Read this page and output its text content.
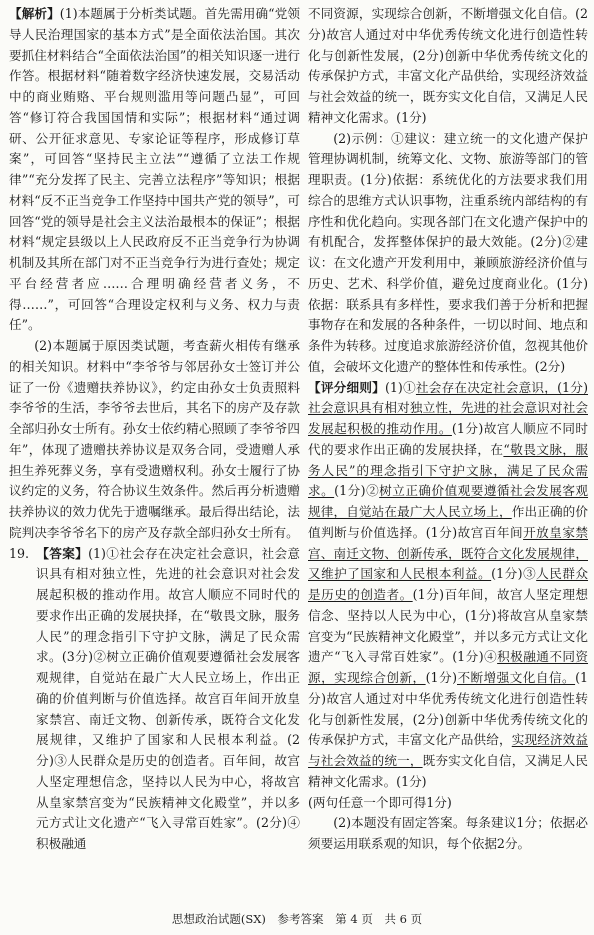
【解析】(1)本题属于分析类试题。首先需用确“党领导人民治理国家的基本方式”是全面依法治国。其次要抓住材料结合“全面依法治国”的相关知识逐一进行作答。根据材料“随着数字经济快速发展，交易活动中的商业贿赂、平台规则滥用等问题凸显”，可回答“修订符合我国国情和实际”；根据材料“通过调研、公开征求意见、专家论证等程序，形成修订草案”，可回答“坚持民主立法”“遵循了立法工作规律”“充分发挥了民主、完善立法程序”等知识；根据材料“反不正当竞争工作坚持中国共产党的领导”，可回答“党的领导是社会主义法治最根本的保证”；根据材料“规定县级以上人民政府反不正当竞争行为协调机制及其所在部门对不正当竞争行为进行查处；规定平台经营者应……合理明确经营者义务，不得……”，可回答“合理设定权利与义务、权力与责任”。

(2)本题属于原因类试题，考查薪火相传有继承的相关知识。材料中“李爷爷与邻居孙女士签订并公证了一份《遗赠扶养协议》，约定由孙女士负责照料李爷爷的生活，李爷爷去世后，其名下的房产及存款全部归孙女士所有。孙女士依约精心照顾了李爷爷四年”，体现了遗赠扶养协议是双务合同，受遗赠人承担生养死葬义务，享有受遗赠权利。孙女士履行了协议约定的义务，符合协议生效条件。然后再分析遗赠扶养协议的效力优先于遗嘱继承。最后得出结论，法院判决李爷爷名下的房产及存款全部归孙女士所有。

19. 【答案】(1)①社会存在决定社会意识，社会意识具有相对独立性，先进的社会意识对社会发展起积极的推动作用。故宫人顺应不同时代的要求作出正确的发展抉择，在“敬畏文脉，服务人民”的理念指引下守护文脉，满足了民众需求。(3分)②树立正确价值观要遵循社会发展客观规律，自觉站在最广大人民立场上，作出正确的价值判断与价值选择。故宫百年间开放皇家禁宫、南迁文物、创新传承，既符合文化发展规律，又维护了国家和人民根本利益。(2分)③人民群众是历史的创造者。百年间，故宫人坚定理想信念，坚持以人民为中心，将故宫从皇家禁宫变为“民族精神文化殿堂”，并以多元方式让文化遗产“飞入寻常百姓家”。(2分)④积极融通

不同资源，实现综合创新，不断增强文化自信。(2分)故宫人通过对中华优秀传统文化进行创造性转化与创新性发展，(2分)创新中华优秀传统文化的传承保护方式，丰富文化产品供给，实现经济效益与社会效益的统一，既夯实文化自信，又满足人民精神文化需求。(1分)

(2)示例：①建议：建立统一的文化遗产保护管理协调机制，统筹文化、文物、旅游等部门的管理职责。(1分)依据：系统优化的方法要求我们用综合的思维方式认识事物，注重系统内部结构的有序性和优化趋向。实现各部门在文化遗产保护中的有机配合，发挥整体保护的最大效能。(2分)②建议：在文化遗产开发利用中，兼顾旅游经济价值与历史、艺术、科学价值，避免过度商业化。(1分)依据：联系具有多样性，要求我们善于分析和把握事物存在和发展的各种条件，一切以时间、地点和条件为转移。过度追求旅游经济价值，忽视其他价值，会破坏文化遗产的整体性和传承性。(2分)

【评分细则】(1)①社会存在决定社会意识，(1分)社会意识具有相对独立性，先进的社会意识对社会发展起积极的推动作用。(1分)故宫人顺应不同时代的要求作出正确的发展抉择，在“敬畏文脉，服务人民”的理念指引下守护文脉，满足了民众需求。(1分)②树立正确价值观要遵循社会发展客观规律，自觉站在最广大人民立场上，作出正确的价值判断与价值选择。(1分)故宫百年间开放皇家禁宫、南迁文物、创新传承，既符合文化发展规律，又维护了国家和人民根本利益。(1分)③人民群众是历史的创造者。(1分)百年间，故宫人坚定理想信念、坚持以人民为中心，(1分)将故宫从皇家禁宫变为“民族精神文化殿堂”，并以多元方式让文化遗产“飞入寻常百姓家”。(1分)④积极融通不同资源，实现综合创新，(1分)不断增强文化自信。(1分)故宫人通过对中华优秀传统文化进行创造性转化与创新性发展，(2分)创新中华优秀传统文化的传承保护方式，丰富文化产品供给，实现经济效益与社会效益的统一，既夯实文化自信，又满足人民精神文化需求。(1分)

(两句任意一个即可得1分)

(2)本题没有固定答案。每条建议1分；依据必须要运用联系观的知识，每个依据2分。

思想政治试题(SX) 参考答案 第 4 页 共 6 页
